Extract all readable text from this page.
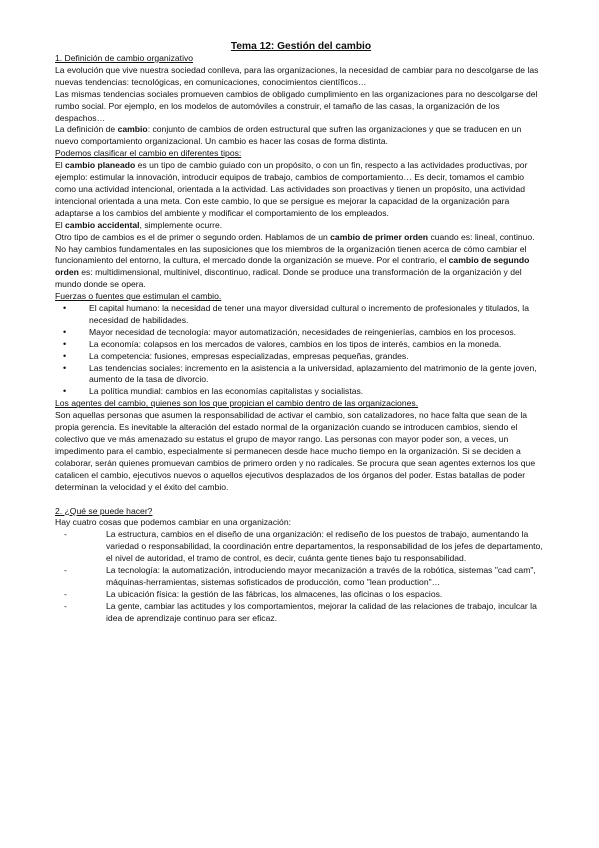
Tema 12: Gestión del cambio

1. Definición de cambio organizativo

La evolución que vive nuestra sociedad conlleva, para las organizaciones, la necesidad de cambiar para no descolgarse de las nuevas tendencias: tecnológicas, en comunicaciones, conocimientos científicos…

Las mismas tendencias sociales promueven cambios de obligado cumplimiento en las organizaciones para no descolgarse del rumbo social. Por ejemplo, en los modelos de automóviles a construir, el tamaño de las casas, la organización de los despachos…

La definición de cambio: conjunto de cambios de orden estructural que sufren las organizaciones y que se traducen en un nuevo comportamiento organizacional. Un cambio es hacer las cosas de forma distinta.

Podemos clasificar el cambio en diferentes tipos:

El cambio planeado es un tipo de cambio guiado con un propósito, o con un fin, respecto a las actividades productivas, por ejemplo: estimular la innovación, introducir equipos de trabajo, cambios de comportamiento… Es decir, tomamos el cambio como una actividad intencional, orientada a la actividad. Las actividades son proactivas y tienen un propósito, una actividad intencional orientada a una meta. Con este cambio, lo que se persigue es mejorar la capacidad de la organización para adaptarse a los cambios del ambiente y modificar el comportamiento de los empleados.

El cambio accidental, simplemente ocurre.

Otro tipo de cambios es el de primer o segundo orden. Hablamos de un cambio de primer orden cuando es: lineal, continuo. No hay cambios fundamentales en las suposiciones que los miembros de la organización tienen acerca de cómo cambiar el funcionamiento del entorno, la cultura, el mercado donde la organización se mueve. Por el contrario, el cambio de segundo orden es: multidimensional, multinivel, discontinuo, radical. Donde se produce una transformación de la organización y del mundo donde se opera.

Fuerzas o fuentes que estimulan el cambio.

• El capital humano: la necesidad de tener una mayor diversidad cultural o incremento de profesionales y titulados, la necesidad de habilidades.
• Mayor necesidad de tecnología: mayor automatización, necesidades de reingenierías, cambios en los procesos.
• La economía: colapsos en los mercados de valores, cambios en los tipos de interés, cambios en la moneda.
• La competencia: fusiones, empresas especializadas, empresas pequeñas, grandes.
• Las tendencias sociales: incremento en la asistencia a la universidad, aplazamiento del matrimonio de la gente joven, aumento de la tasa de divorcio.
• La política mundial: cambios en las economías capitalistas y socialistas.

Los agentes del cambio, quienes son los que propician el cambio dentro de las organizaciones.

Son aquellas personas que asumen la responsabilidad de activar el cambio, son catalizadores, no hace falta que sean de la propia gerencia. Es inevitable la alteración del estado normal de la organización cuando se introducen cambios, siendo el colectivo que ve más amenazado su estatus el grupo de mayor rango. Las personas con mayor poder son, a veces, un impedimento para el cambio, especialmente si permanecen desde hace mucho tiempo en la organización. Si se deciden a colaborar, serán quienes promuevan cambios de primero orden y no radicales. Se procura que sean agentes externos los que catalicen el cambio, ejecutivos nuevos o aquellos ejecutivos desplazados de los órganos del poder. Estas batallas de poder determinan la velocidad y el éxito del cambio.

2. ¿Qué se puede hacer?

Hay cuatro cosas que podemos cambiar en una organización:

- La estructura, cambios en el diseño de una organización: el rediseño de los puestos de trabajo, aumentando la variedad o responsabilidad, la coordinación entre departamentos, la responsabilidad de los jefes de departamento, el nivel de autoridad, el tramo de control, es decir, cuánta gente tienes bajo tu responsabilidad.
- La tecnología: la automatización, introduciendo mayor mecanización a través de la robótica, sistemas "cad cam", máquinas-herramientas, sistemas sofisticados de producción, como "lean production"…
- La ubicación física: la gestión de las fábricas, los almacenes, las oficinas o los espacios.
- La gente, cambiar las actitudes y los comportamientos, mejorar la calidad de las relaciones de trabajo, inculcar la idea de aprendizaje continuo para ser eficaz.
